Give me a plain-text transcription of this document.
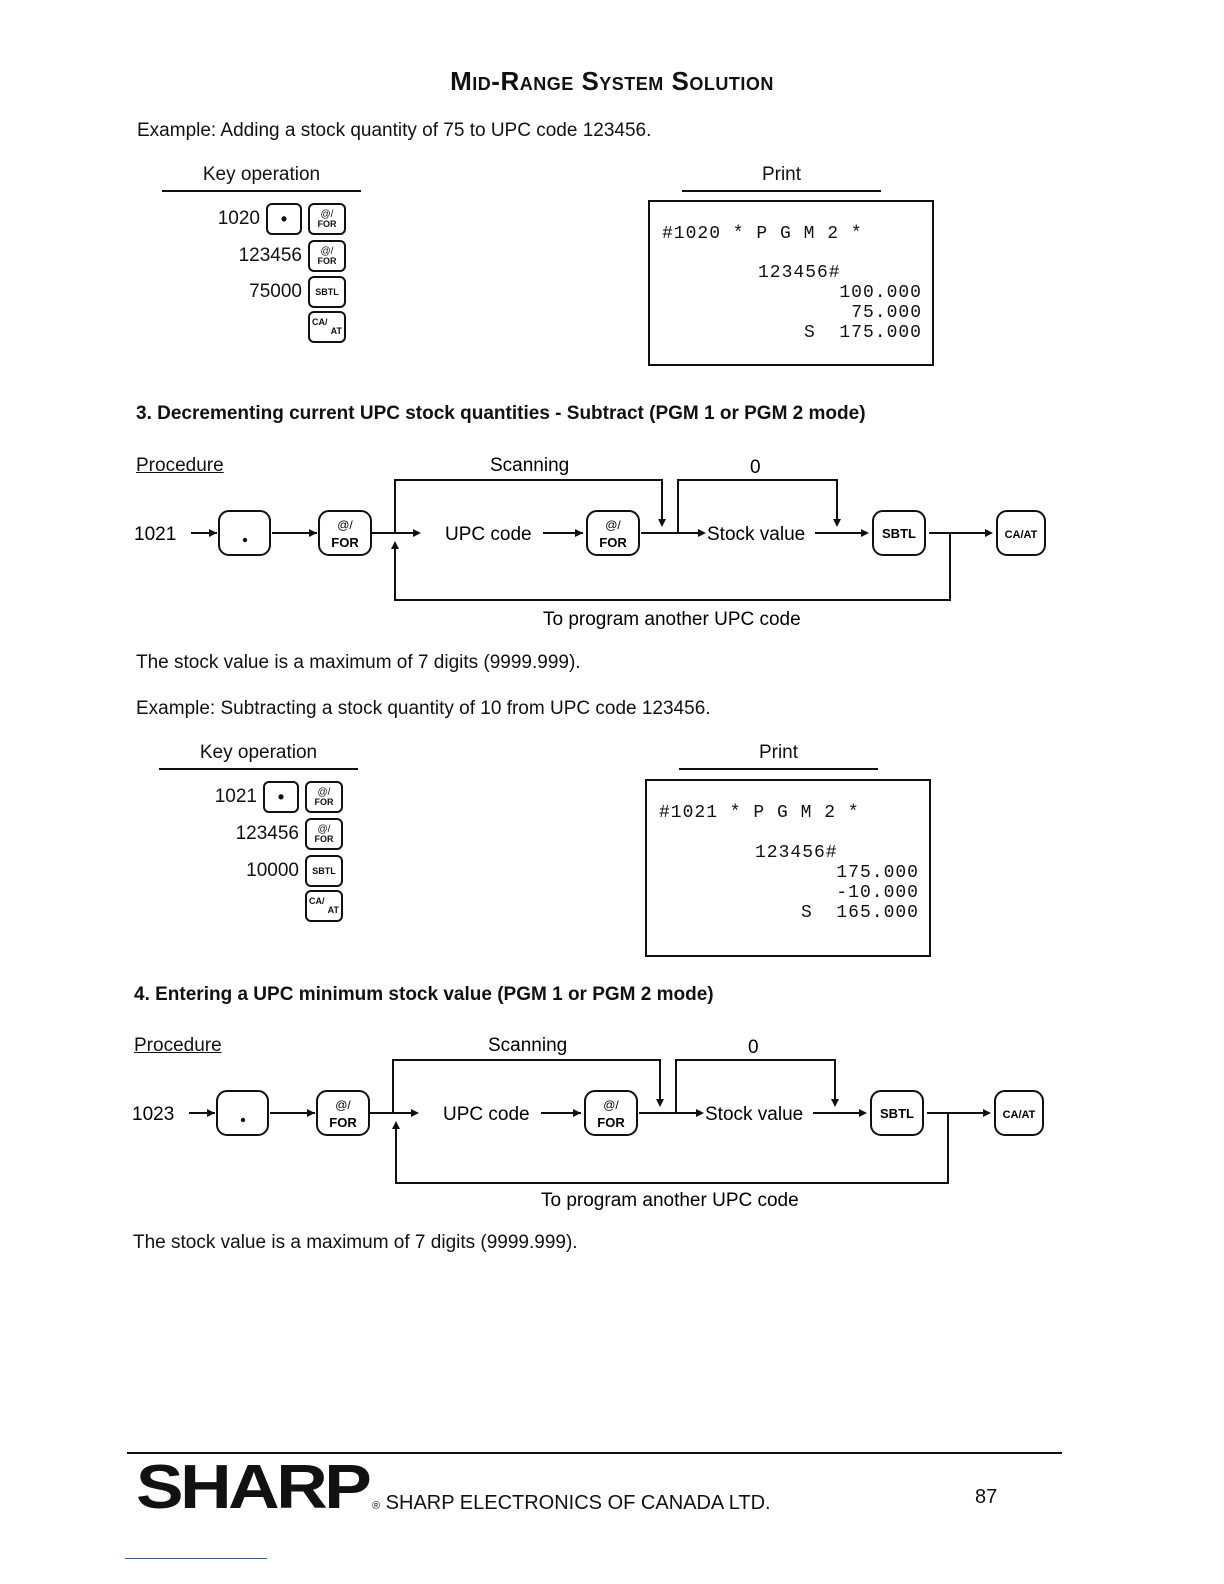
Mid-Range System Solution
Example: Adding a stock quantity of 75 to UPC code 123456.
Key operation	Print
1020 •	@/
FOR
123456 @/
FOR
75000 SBTL
CA/
AT
#1020 * P G M 2 *
123456#
100.000
75.000
S 175.000
3. Decrementing current UPC stock quantities - Subtract (PGM 1 or PGM 2 mode)
Procedure
1021
Scanning	0
UPC code	Stock value
To program another UPC code
@/
FOR
@/
FOR
SBTL	CA/AT
The stock value is a maximum of 7 digits (9999.999).
Example: Subtracting a stock quantity of 10 from UPC code 123456.
Key operation	Print
1021 •	@/
FOR
123456 @/
FOR
10000 SBTL
CA/
AT
#1021 * P G M 2 *
123456#
175.000
-10.000
S 165.000
4. Entering a UPC minimum stock value (PGM 1 or PGM 2 mode)
Procedure
1023
Scanning	0
UPC code	Stock value
To program another UPC code
@/
FOR
@/
FOR
SBTL	CA/AT
The stock value is a maximum of 7 digits (9999.999).
SHARP ® SHARP ELECTRONICS OF CANADA LTD.	87
